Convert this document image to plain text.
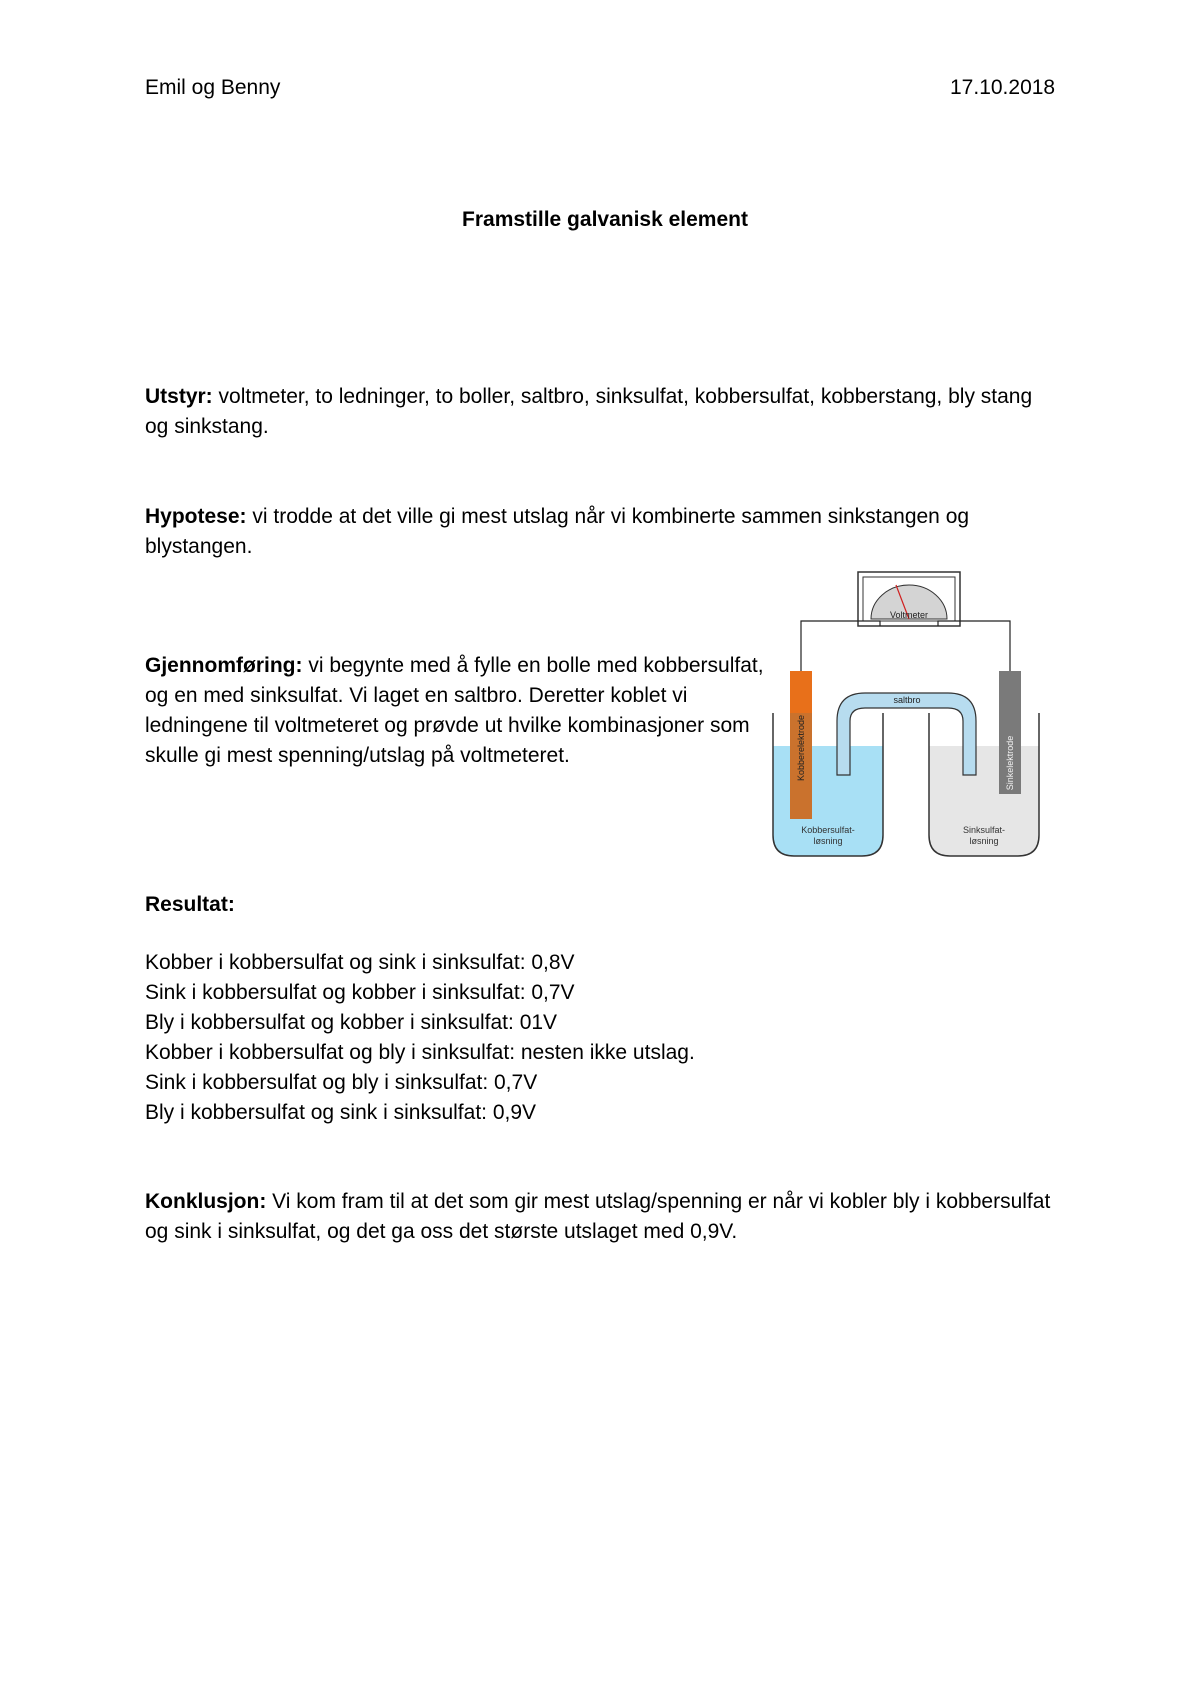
Emil og Benny	17.10.2018
Framstille galvanisk element
Utstyr: voltmeter, to ledninger, to boller, saltbro, sinksulfat, kobbersulfat, kobberstang, bly stang og sinkstang.
Hypotese: vi trodde at det ville gi mest utslag når vi kombinerte sammen sinkstangen og blystangen.
Gjennomføring: vi begynte med å fylle en bolle med kobbersulfat, og en med sinksulfat. Vi laget en saltbro. Deretter koblet vi ledningene til voltmeteret og prøvde ut hvilke kombinasjoner som skulle gi mest spenning/utslag på voltmeteret.
Voltmeter
Kobbersulfat-
løsning
Sinksulfat-
løsning
saltbro
Kobberelektrode	Sinkelektrode
Resultat:
Kobber i kobbersulfat og sink i sinksulfat: 0,8V
Sink i kobbersulfat og kobber i sinksulfat: 0,7V
Bly i kobbersulfat og kobber i sinksulfat: 01V
Kobber i kobbersulfat og bly i sinksulfat: nesten ikke utslag.
Sink i kobbersulfat og bly i sinksulfat: 0,7V
Bly i kobbersulfat og sink i sinksulfat: 0,9V
Konklusjon: Vi kom fram til at det som gir mest utslag/spenning er når vi kobler bly i kobbersulfat og sink i sinksulfat, og det ga oss det største utslaget med 0,9V.
